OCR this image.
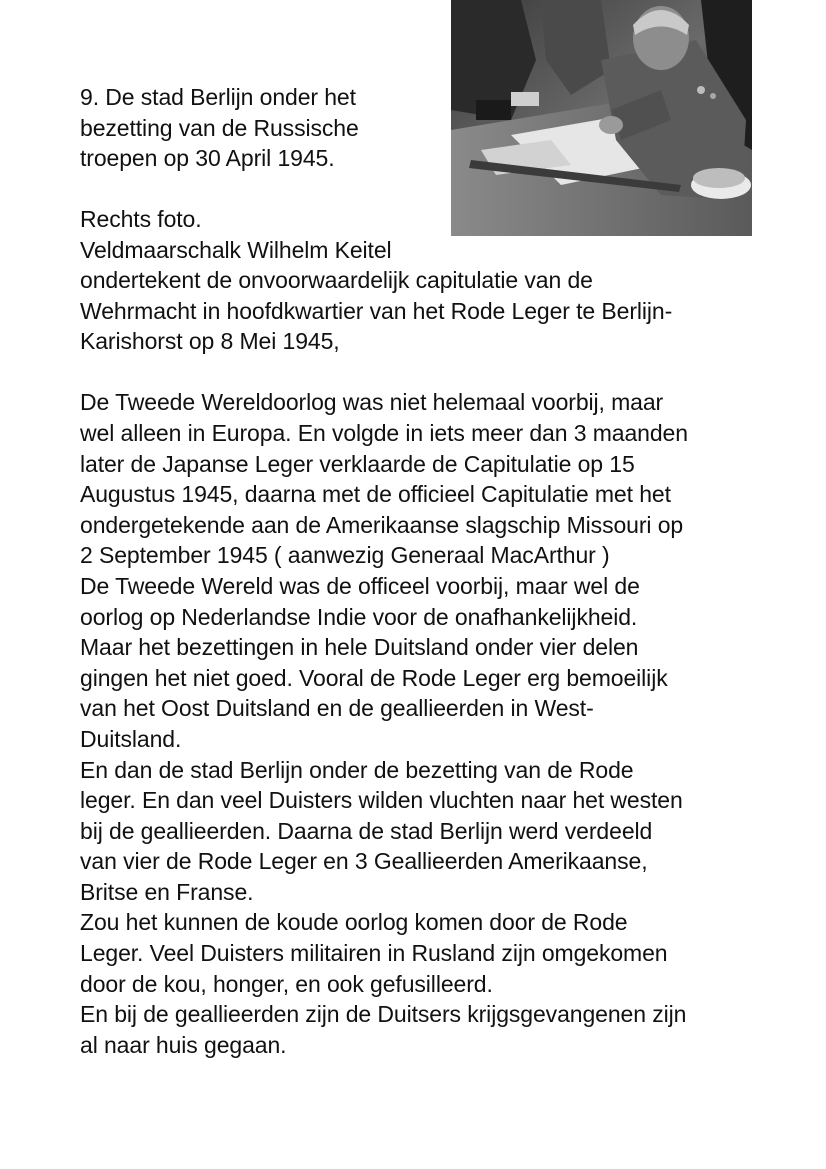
9. De stad Berlijn onder het
bezetting van de Russische
troepen op 30 April 1945.
Rechts foto.
Veldmaarschalk Wilhelm Keitel
ondertekent de onvoorwaardelijk capitulatie van de
Wehrmacht in hoofdkwartier van het Rode Leger te Berlijn-
Karishorst op 8 Mei 1945,
De Tweede Wereldoorlog was niet helemaal voorbij, maar
wel alleen in Europa. En volgde in iets meer dan 3 maanden
later de Japanse Leger verklaarde de Capitulatie op 15
Augustus 1945, daarna met de officieel Capitulatie met het
ondergetekende aan de Amerikaanse slagschip Missouri op
2 September 1945 ( aanwezig Generaal MacArthur )
De Tweede Wereld was de officeel voorbij, maar wel de
oorlog op Nederlandse Indie voor de onafhankelijkheid.
Maar het bezettingen in hele Duitsland onder vier delen
gingen het niet goed. Vooral de Rode Leger erg bemoeilijk
van het Oost Duitsland en de geallieerden in West-
Duitsland.
En dan de stad Berlijn onder de bezetting van de Rode
leger. En dan veel Duisters wilden vluchten naar het westen
bij de geallieerden. Daarna de stad Berlijn werd verdeeld
van vier de Rode Leger en 3 Geallieerden Amerikaanse,
Britse en Franse.
Zou het kunnen de koude oorlog komen door de Rode
Leger. Veel Duisters militairen in Rusland zijn omgekomen
door de kou, honger, en ook gefusilleerd.
En bij de geallieerden zijn de Duitsers krijgsgevangenen zijn
al naar huis gegaan.
